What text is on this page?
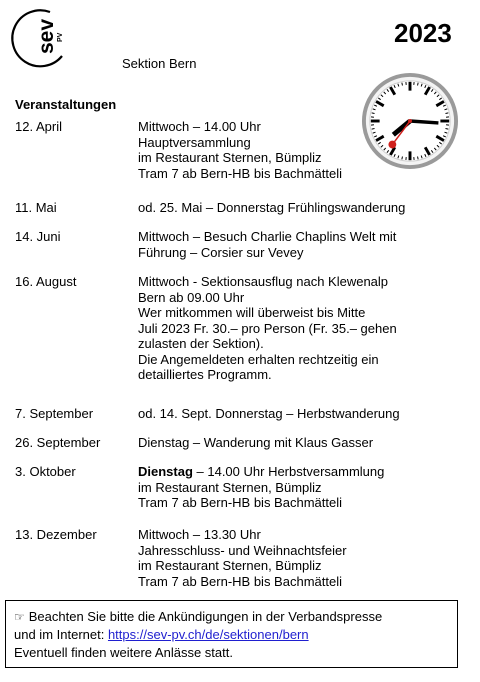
sev PV
Sektion Bern
2023
Veranstaltungen
12. April	Mittwoch – 14.00 Uhr
Hauptversammlung
im Restaurant Sternen, Bümpliz
Tram 7 ab Bern-HB bis Bachmätteli
11. Mai	od. 25. Mai – Donnerstag Frühlingswanderung
14. Juni	Mittwoch – Besuch Charlie Chaplins Welt mit
Führung – Corsier sur Vevey
16. August	Mittwoch - Sektionsausflug nach Klewenalp
Bern ab 09.00 Uhr
Wer mitkommen will überweist bis Mitte
Juli 2023 Fr. 30.– pro Person (Fr. 35.– gehen
zulasten der Sektion).
Die Angemeldeten erhalten rechtzeitig ein
detailliertes Programm.
7. September	od. 14. Sept. Donnerstag – Herbstwanderung
26. September	Dienstag – Wanderung mit Klaus Gasser
3. Oktober	Dienstag – 14.00 Uhr Herbstversammlung
im Restaurant Sternen, Bümpliz
Tram 7 ab Bern-HB bis Bachmätteli
13. Dezember	Mittwoch – 13.30 Uhr
Jahresschluss- und Weihnachtsfeier
im Restaurant Sternen, Bümpliz
Tram 7 ab Bern-HB bis Bachmätteli
☞ Beachten Sie bitte die Ankündigungen in der Verbandspresse
und im Internet: https://sev-pv.ch/de/sektionen/bern
Eventuell finden weitere Anlässe statt.
